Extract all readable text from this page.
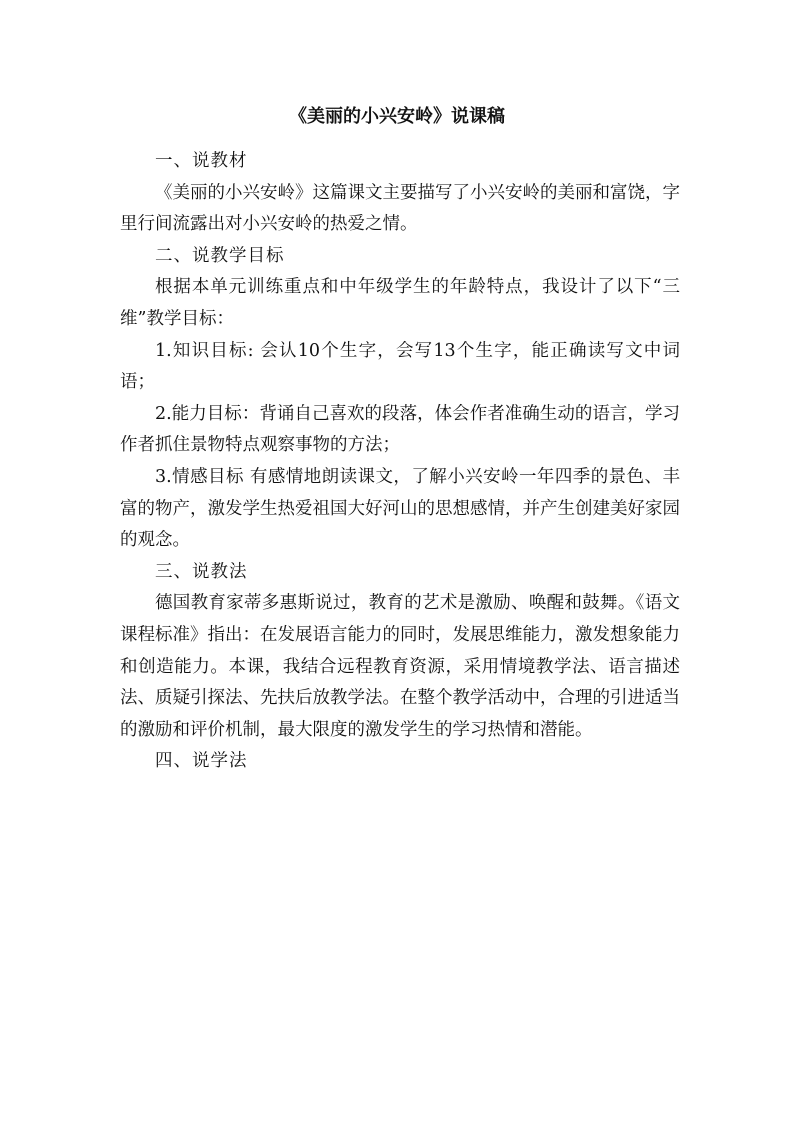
《美丽的小兴安岭》说课稿

一、说教材

《美丽的小兴安岭》这篇课文主要描写了小兴安岭的美丽和富饶，字里行间流露出对小兴安岭的热爱之情。

二、说教学目标

根据本单元训练重点和中年级学生的年龄特点，我设计了以下“三维”教学目标：

1.知识目标: 会认10个生字，会写13个生字，能正确读写文中词语；

2.能力目标：背诵自己喜欢的段落，体会作者准确生动的语言，学习作者抓住景物特点观察事物的方法；

3.情感目标 有感情地朗读课文，了解小兴安岭一年四季的景色、丰富的物产，激发学生热爱祖国大好河山的思想感情，并产生创建美好家园的观念。

三、说教法

德国教育家蒂多惠斯说过，教育的艺术是激励、唤醒和鼓舞。《语文课程标准》指出：在发展语言能力的同时，发展思维能力，激发想象能力和创造能力。本课，我结合远程教育资源，采用情境教学法、语言描述法、质疑引探法、先扶后放教学法。在整个教学活动中，合理的引进适当的激励和评价机制，最大限度的激发学生的学习热情和潜能。

四、说学法
